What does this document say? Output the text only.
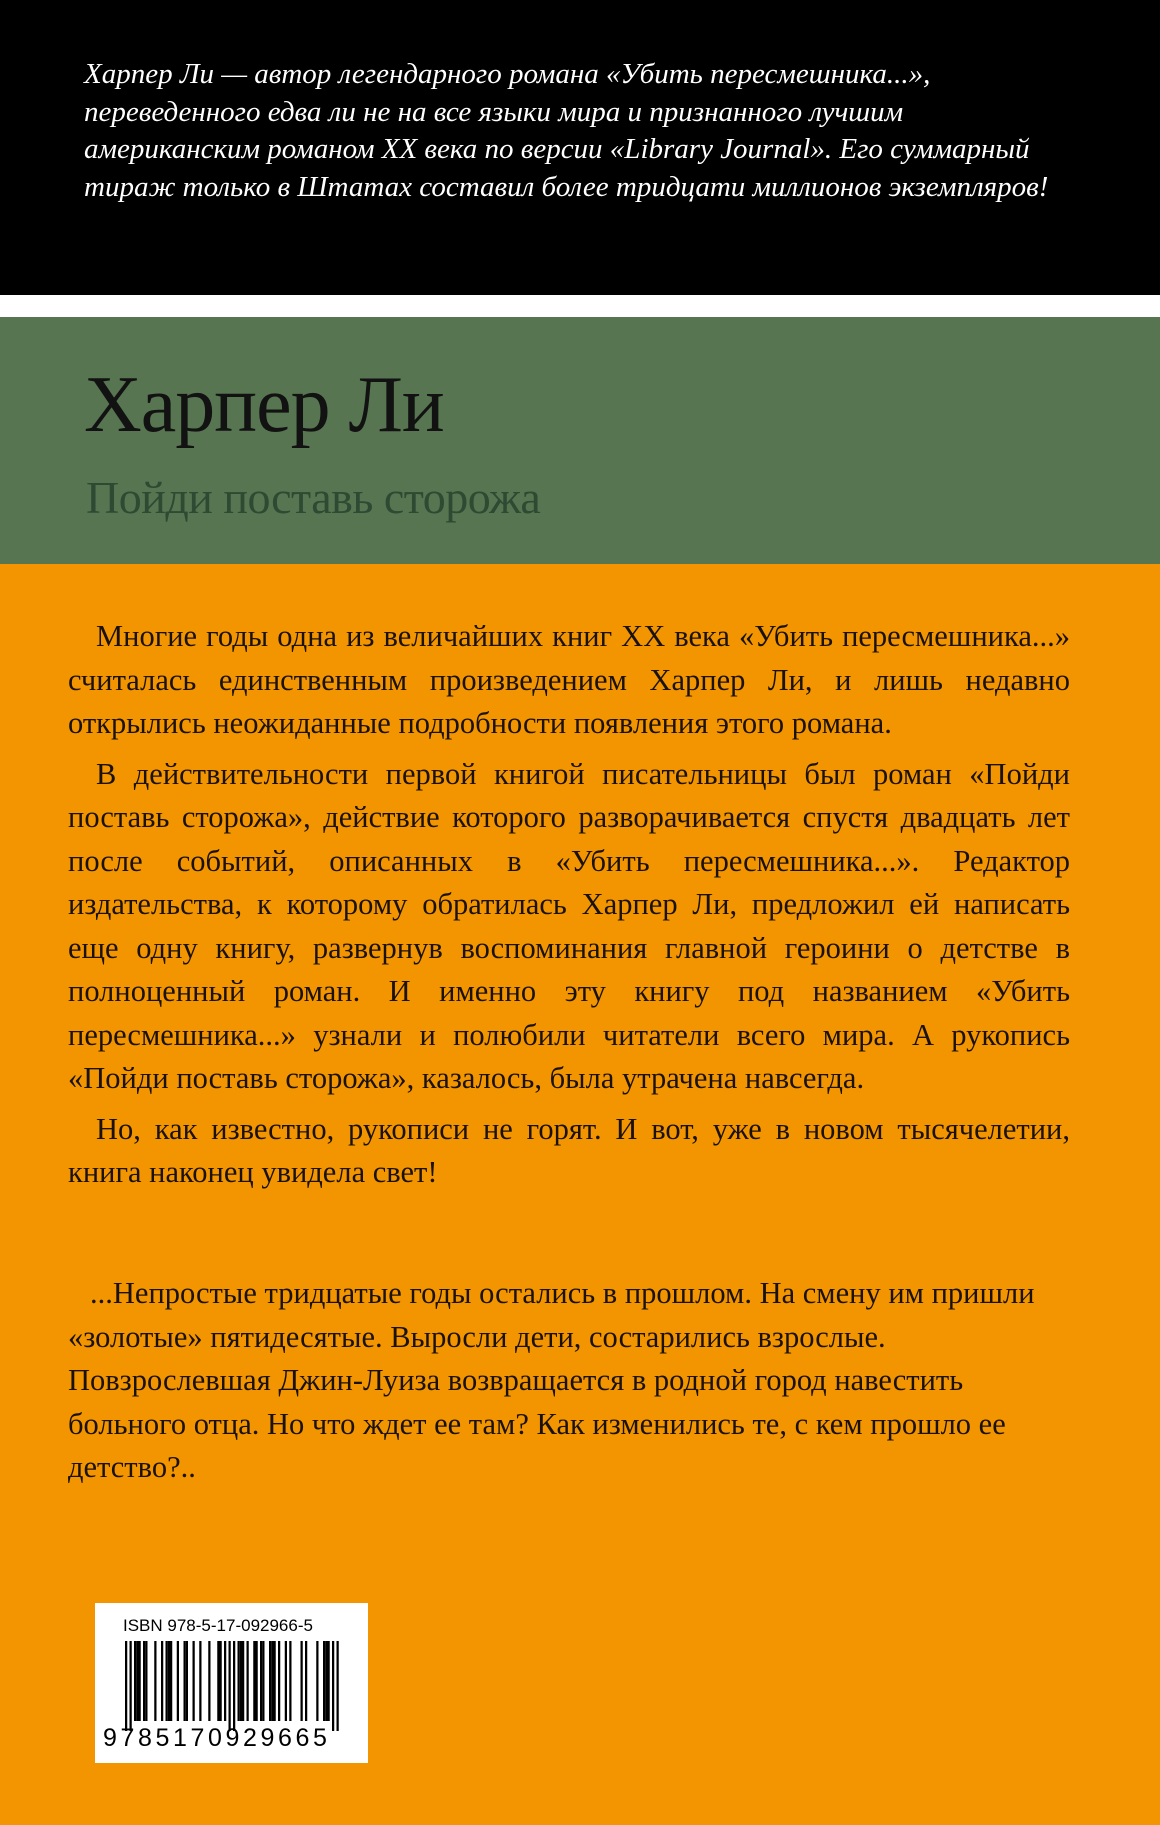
Харпер Ли — автор легендарного романа «Убить пересмешника...», переведенного едва ли не на все языки мира и признанного лучшим американским романом XX века по версии «Library Journal». Его суммарный тираж только в Штатах составил более тридцати миллионов экземпляров!

Харпер Ли
Пойди поставь сторожа

Многие годы одна из величайших книг XX века «Убить пересмешника...» считалась единственным произведением Харпер Ли, и лишь недавно открылись неожиданные подробности появления этого романа.

В действительности первой книгой писательницы был роман «Пойди поставь сторожа», действие которого разворачивается спустя двадцать лет после событий, описанных в «Убить пересмешника...». Редактор издательства, к которому обратилась Харпер Ли, предложил ей написать еще одну книгу, развернув воспоминания главной героини о детстве в полноценный роман. И именно эту книгу под названием «Убить пересмешника...» узнали и полюбили читатели всего мира. А рукопись «Пойди поставь сторожа», казалось, была утрачена навсегда.

Но, как известно, рукописи не горят. И вот, уже в новом тысячелетии, книга наконец увидела свет!

...Непростые тридцатые годы остались в прошлом. На смену им пришли «золотые» пятидесятые. Выросли дети, состарились взрослые. Повзрослевшая Джин-Луиза возвращается в родной город навестить больного отца. Но что ждет ее там? Как изменились те, с кем прошло ее детство?..

ISBN 978-5-17-092966-5
9785170929665
